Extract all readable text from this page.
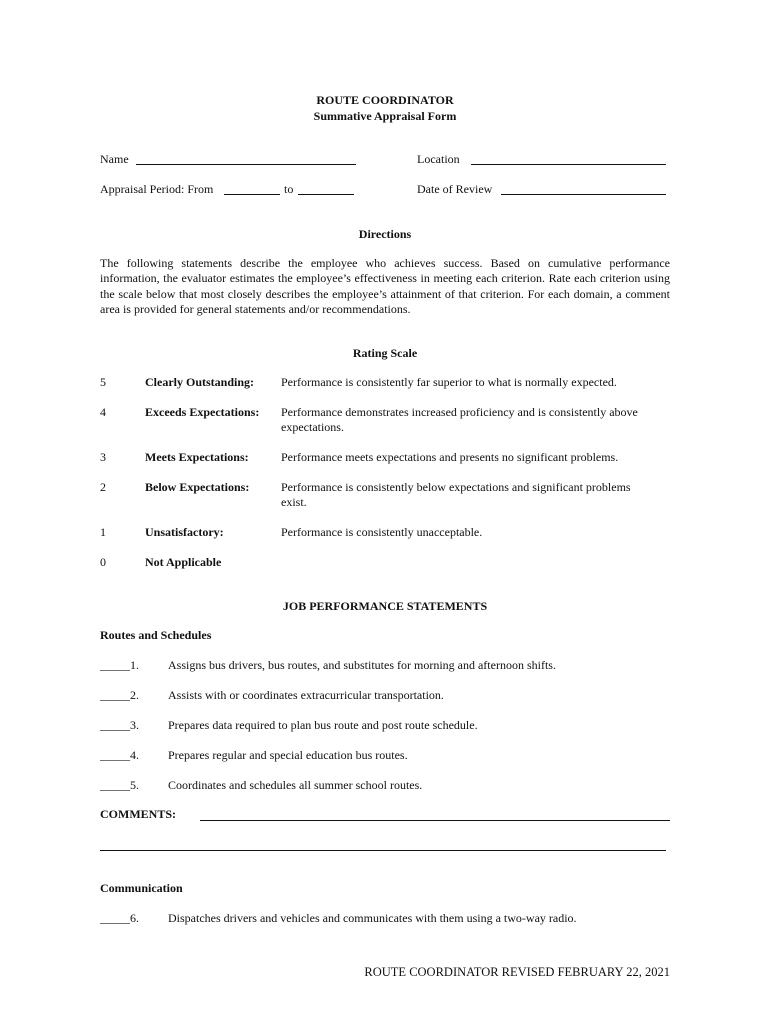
ROUTE COORDINATOR
Summative Appraisal Form
Name	Location
Appraisal Period: From	to	Date of Review
Directions
The following statements describe the employee who achieves success. Based on cumulative performance information, the evaluator estimates the employee’s effectiveness in meeting each criterion. Rate each criterion using the scale below that most closely describes the employee’s attainment of that criterion. For each domain, a comment area is provided for general statements and/or recommendations.
Rating Scale
5	Clearly Outstanding: Performance is consistently far superior to what is normally expected.
4	Exceeds Expectations: Performance demonstrates increased proficiency and is consistently above expectations.
3	Meets Expectations:	Performance meets expectations and presents no significant problems.
2	Below Expectations:	Performance is consistently below expectations and significant problems exist.
1	Unsatisfactory:	Performance is consistently unacceptable.
0	Not Applicable
JOB PERFORMANCE STATEMENTS
Routes and Schedules
_____1. Assigns bus drivers, bus routes, and substitutes for morning and afternoon shifts.
_____2. Assists with or coordinates extracurricular transportation.
_____3. Prepares data required to plan bus route and post route schedule.
_____4. Prepares regular and special education bus routes.
_____5. Coordinates and schedules all summer school routes.
COMMENTS:
Communication
_____6. Dispatches drivers and vehicles and communicates with them using a two-way radio.
ROUTE COORDINATOR REVISED FEBRUARY 22, 2021
